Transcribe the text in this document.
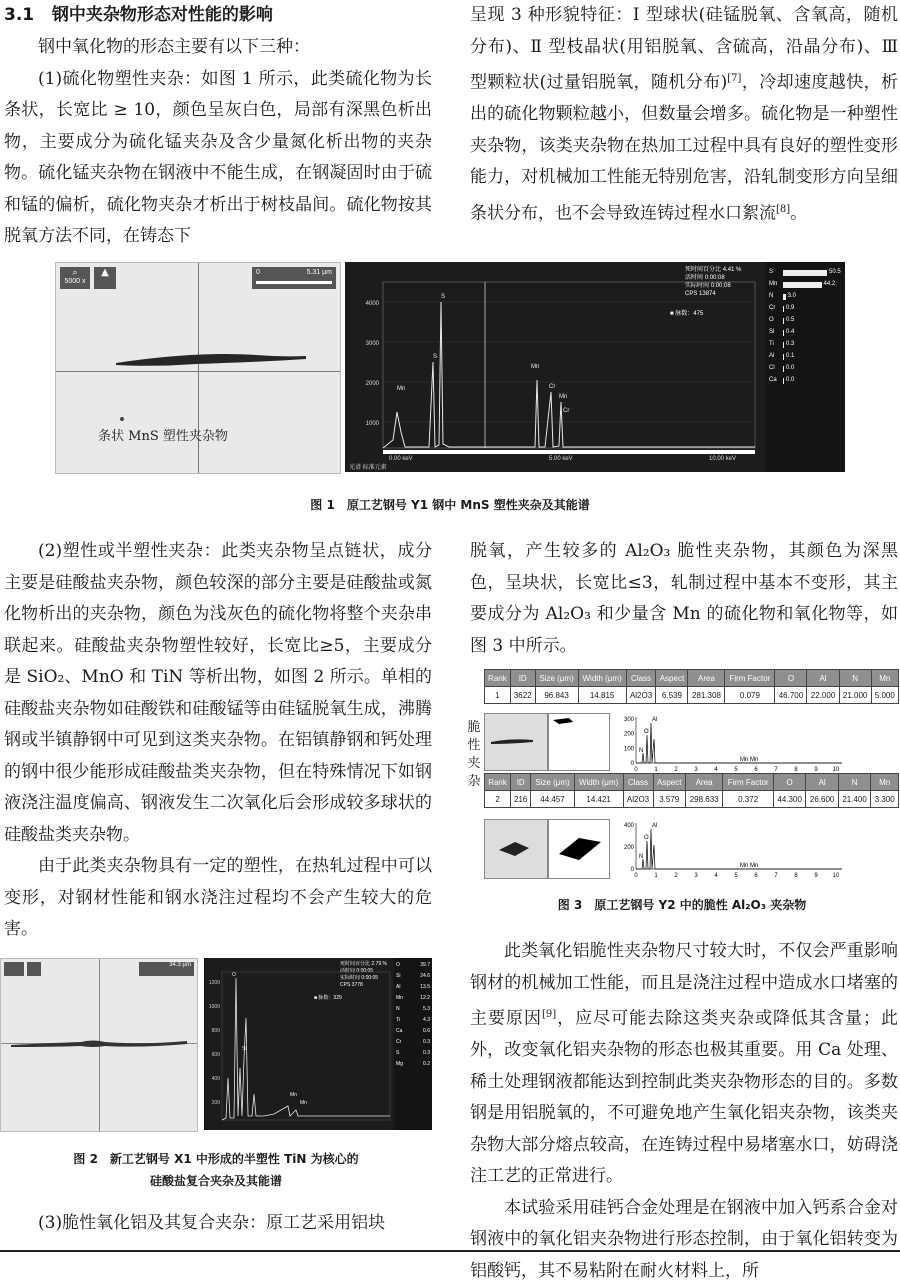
3.1 钢中夹杂物形态对性能的影响

钢中氧化物的形态主要有以下三种：

(1)硫化物塑性夹杂：如图 1 所示，此类硫化物为长条状，长宽比 ≥ 10，颜色呈灰白色，局部有深黑色析出物，主要成分为硫化锰夹杂及含少量氮化析出物的夹杂物。硫化锰夹杂物在钢液中不能生成，在钢凝固时由于硫和锰的偏析，硫化物夹杂才析出于树枝晶间。硫化物按其脱氧方法不同，在铸态下

呈现 3 种形貌特征：Ⅰ 型球状(硅锰脱氧、含氧高，随机分布)、Ⅱ 型枝晶状(用铝脱氧、含硫高，沿晶分布)、Ⅲ 型颗粒状(过量铝脱氧，随机分布)[7]，冷却速度越快，析出的硫化物颗粒越小，但数量会增多。硫化物是一种塑性夹杂物，该类夹杂物在热加工过程中具有良好的塑性变形能力，对机械加工性能无特别危害，沿轧制变形方向呈细条状分布，也不会导致连铸过程水口絮流[8]。

⌕
5000 x
▲	0	5.31 μm
条状 MnS 塑性夹杂物
死时间百分比 4.41 %
活时间 0:00:08
实际时间 0:00:08
CPS 13874
■ 脉数：475
4000
3000
2000
1000
0.00 keV	5.00 keV	10.00 keV
Mn
S
S
Mn
Cr
Mn
Cr
S	50.5
Mn	44.2
N 3.0
Cr 0.9
O 0.5
Si 0.4
Ti 0.3
Al 0.1
Cl 0.0
Ca 0.0
光谱 标准元素
图 1　原工艺钢号 Y1 钢中 MnS 塑性夹杂及其能谱

(2)塑性或半塑性夹杂：此类夹杂物呈点链状，成分主要是硅酸盐夹杂物，颜色较深的部分主要是硅酸盐或氮化物析出的夹杂物，颜色为浅灰色的硫化物将整个夹杂串联起来。硅酸盐夹杂物塑性较好，长宽比≥5，主要成分是 SiO₂、MnO 和 TiN 等析出物，如图 2 所示。单相的硅酸盐夹杂物如硅酸铁和硅酸锰等由硅锰脱氧生成，沸腾钢或半镇静钢中可见到这类夹杂物。在铝镇静钢和钙处理的钢中很少能形成硅酸盐类夹杂物，但在特殊情况下如钢液浇注温度偏高、钢液发生二次氧化后会形成较多球状的硅酸盐类夹杂物。

由于此类夹杂物具有一定的塑性，在热轧过程中可以变形，对钢材性能和钢水浇注过程均不会产生较大的危害。

脱氧，产生较多的 Al₂O₃ 脆性夹杂物，其颜色为深黑色，呈块状，长宽比≤3，轧制过程中基本不变形，其主要成分为 Al₂O₃ 和少量含 Mn 的硫化物和氧化物等，如图 3 中所示。

脆
性
夹
杂
Rank	ID	Size (μm)	Width (μm)	Class	Aspect	Area	Firm Factor	O	Al	N	Mn
1	3622	96.843	14.815	Al2O3	6.539	281.308	0.079	46.700	22.000	21.000	5.000
300
200
100
0
0	1	2	3	4	5	6	7	8	9 10
N
O
Al
Mn Mn
Rank	ID	Size (μm)	Width (μm)	Class	Aspect	Area	Firm Factor	O	Al	N	Mn
2	216	44.457	14.421	Al2O3	3.579	298.633	0.372	44.300	26.600	21.400	3.300
400
200
0
0	1	2	3	4	5	6	7	8	9 10
N
O
Al
Mn Mn
图 3　原工艺钢号 Y2 中的脆性 Al₂O₃ 夹杂物

此类氧化铝脆性夹杂物尺寸较大时，不仅会严重影响钢材的机械加工性能，而且是浇注过程中造成水口堵塞的主要原因[9]，应尽可能去除这类夹杂或降低其含量；此外，改变氧化铝夹杂物的形态也极其重要。用 Ca 处理、稀土处理钢液都能达到控制此类夹杂物形态的目的。多数钢是用铝脱氧的，不可避免地产生氧化铝夹杂物，该类夹杂物大部分熔点较高，在连铸过程中易堵塞水口，妨碍浇注工艺的正常进行。

本试验采用硅钙合金处理是在钢液中加入钙系合金对钢液中的氧化铝夹杂物进行形态控制，由于氧化铝转变为铝酸钙，其不易粘附在耐火材料上，所

34.3 μm	死时间百分比 2.79 %
活时间 0:00:05
实际时间 0:00:05
CPS 3778
■ 脉数：329
1200
1000
800
600
400
200
O
Si
Mn
Mn
O	39.7
Si	24.6
Al	13.5
Mn	12.2
N	5.3
Ti	4.3
Ca	0.6
Cr	0.3
S	0.3
Mg	0.2
图 2　新工艺钢号 X1 中形成的半塑性 TiN 为核心的
硅酸盐复合夹杂及其能谱

(3)脆性氧化铝及其复合夹杂：原工艺采用铝块
